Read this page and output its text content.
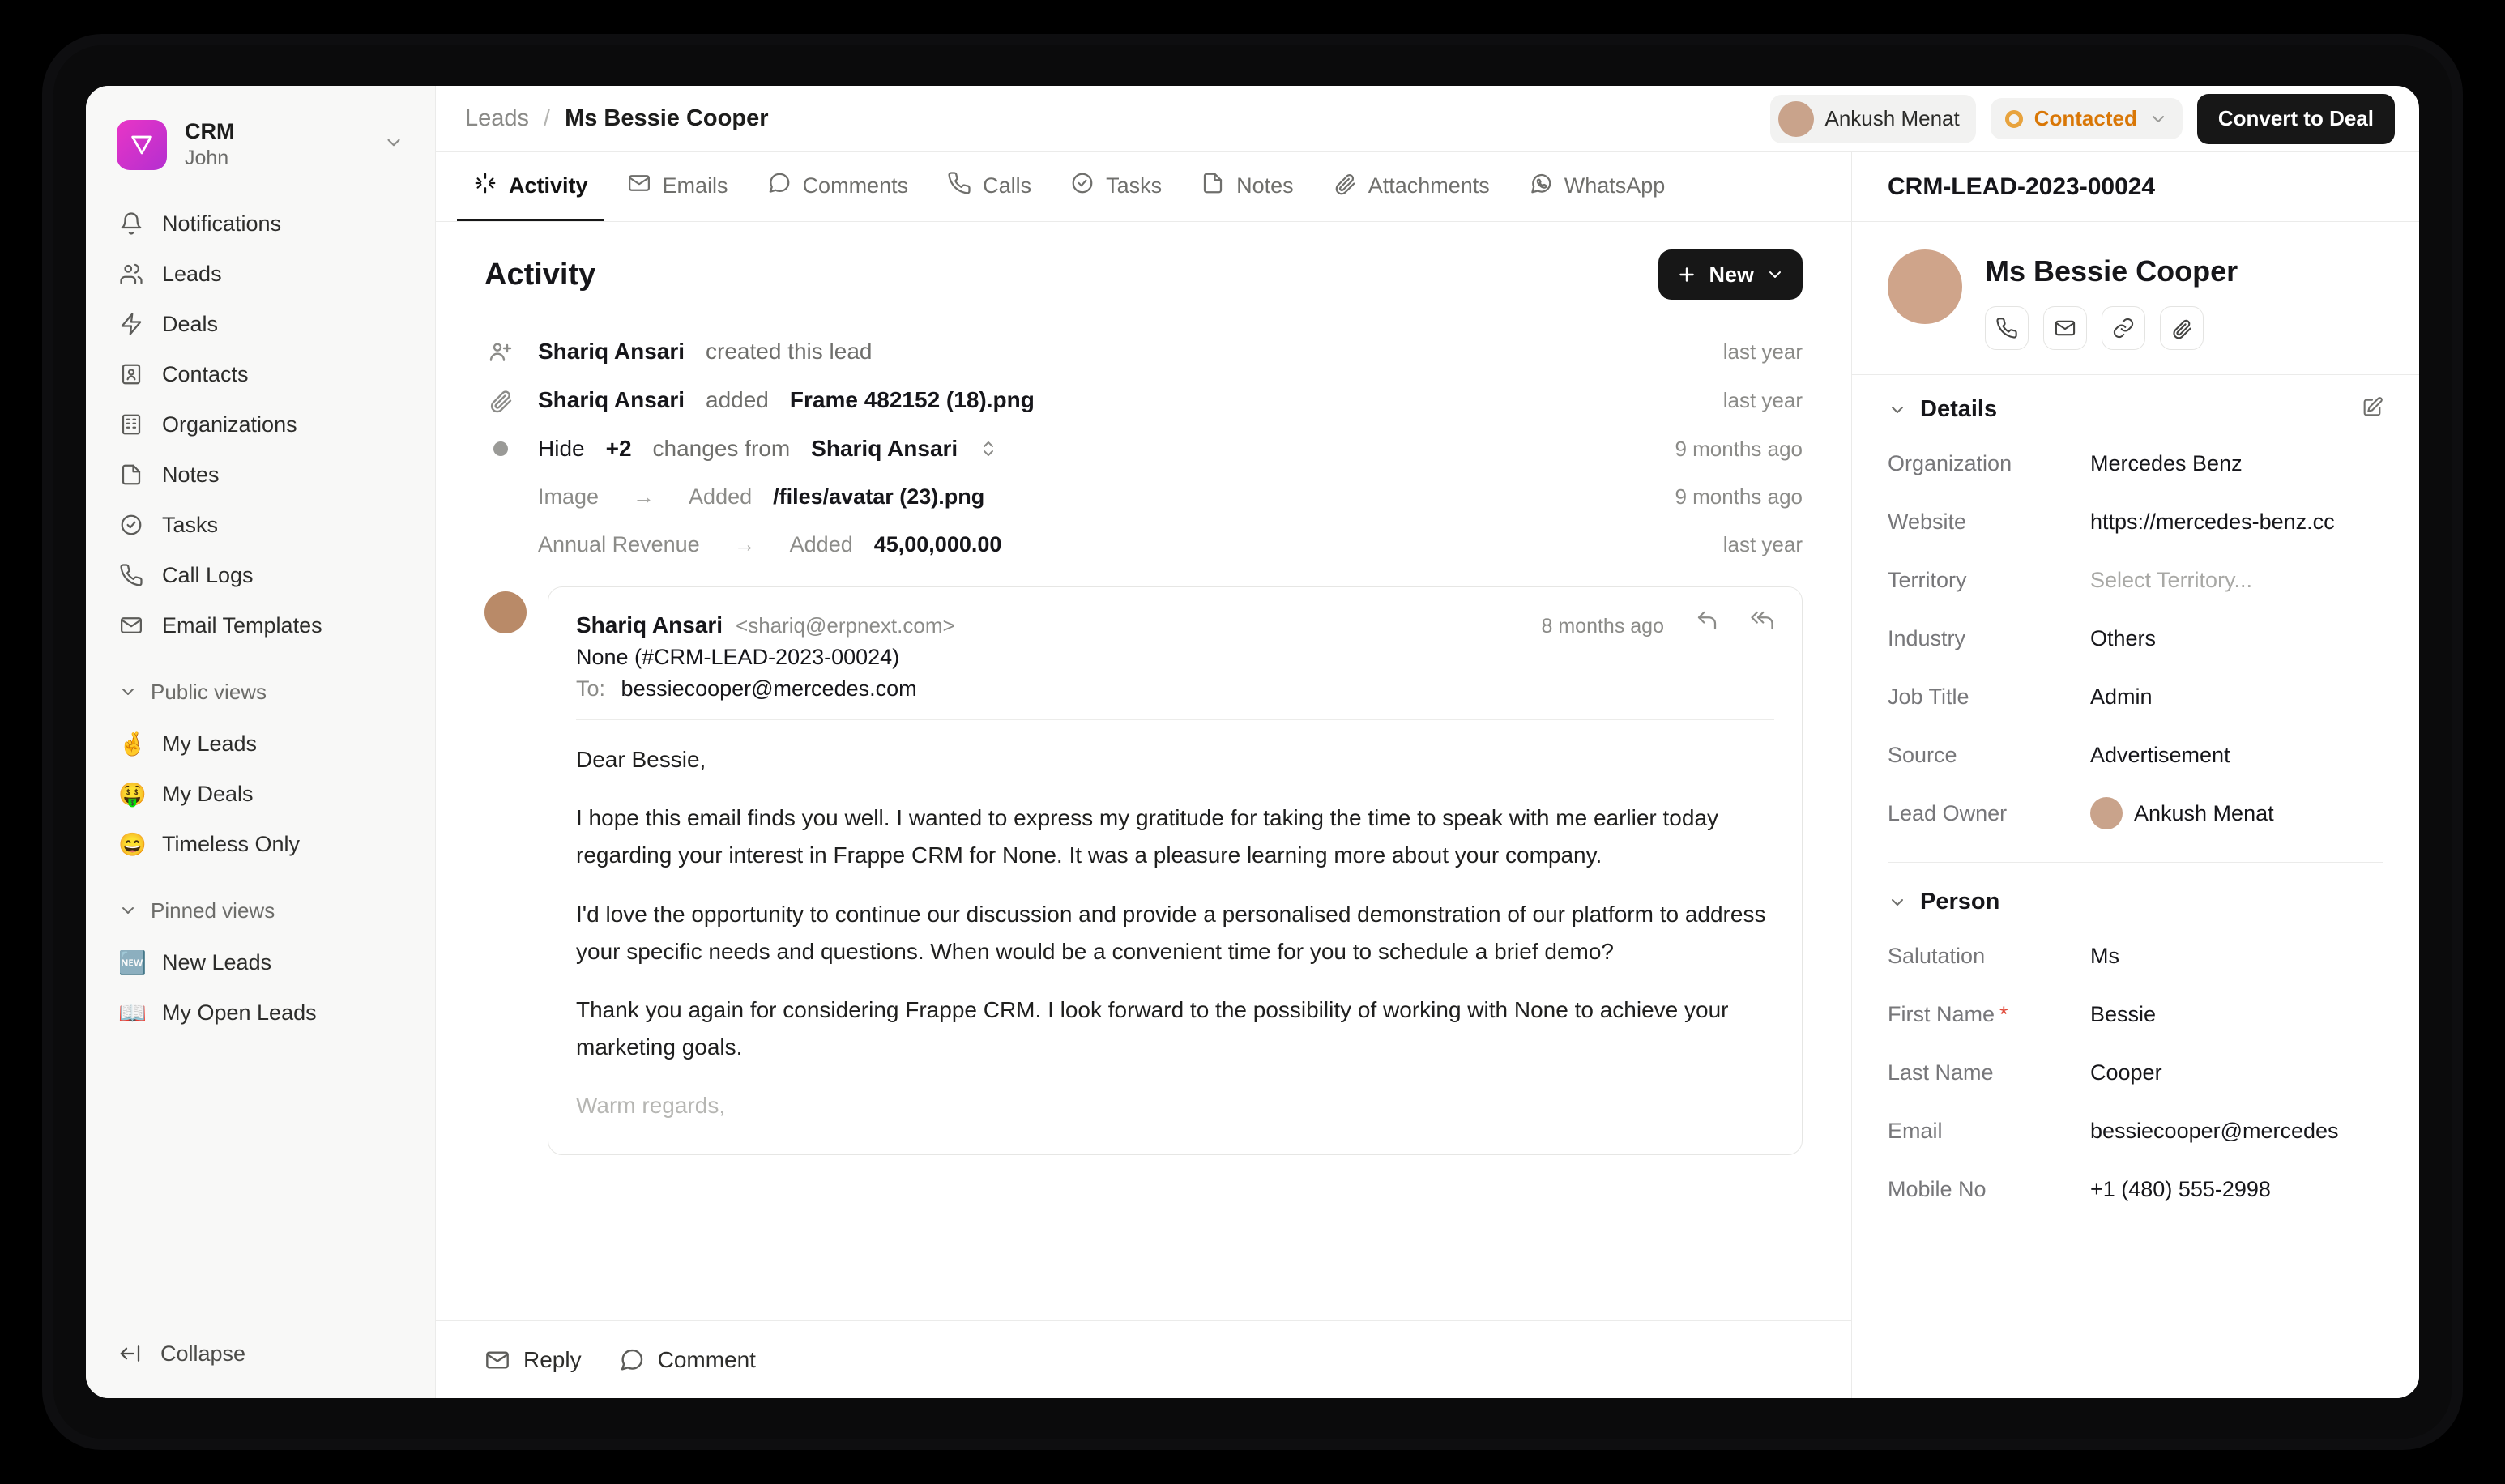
CRM
John
Notifications
Leads
Deals
Contacts
Organizations
Notes
Tasks
Call Logs
Email Templates
Public views
🤞 My Leads
🤑 My Deals
😄 Timeless Only
Pinned views
🆕 New Leads
📖 My Open Leads
Collapse
Leads / Ms Bessie Cooper	Ankush Menat	Contacted	Convert to Deal
Activity	Emails	Comments	Calls	Tasks	Notes	Attachments	WhatsApp
Activity	New
Shariq Ansari created this lead	last year
Shariq Ansari added Frame 482152 (18).png	last year
Hide +2 changes from Shariq Ansari	9 months ago
Image → Added /files/avatar (23).png	9 months ago
Annual Revenue → Added 45,00,000.00	last year
Shariq Ansari <shariq@erpnext.com>	8 months ago
None (#CRM-LEAD-2023-00024)
To: bessiecooper@mercedes.com

Dear Bessie,

I hope this email finds you well. I wanted to express my gratitude for taking the time to speak with me earlier today regarding your interest in Frappe CRM for None. It was a pleasure learning more about your company.

I'd love the opportunity to continue our discussion and provide a personalised demonstration of our platform to address your specific needs and questions. When would be a convenient time for you to schedule a brief demo?

Thank you again for considering Frappe CRM. I look forward to the possibility of working with None to achieve your marketing goals.

Warm regards,

Reply	Comment
CRM-LEAD-2023-00024
Ms Bessie Cooper
Details
Organization	Mercedes Benz
Website	https://mercedes-benz.cc
Territory	Select Territory...
Industry	Others
Job Title	Admin
Source	Advertisement
Lead Owner	Ankush Menat
Person
Salutation	Ms
First Name *	Bessie
Last Name	Cooper
Email	bessiecooper@mercedes
Mobile No	+1 (480) 555-2998
